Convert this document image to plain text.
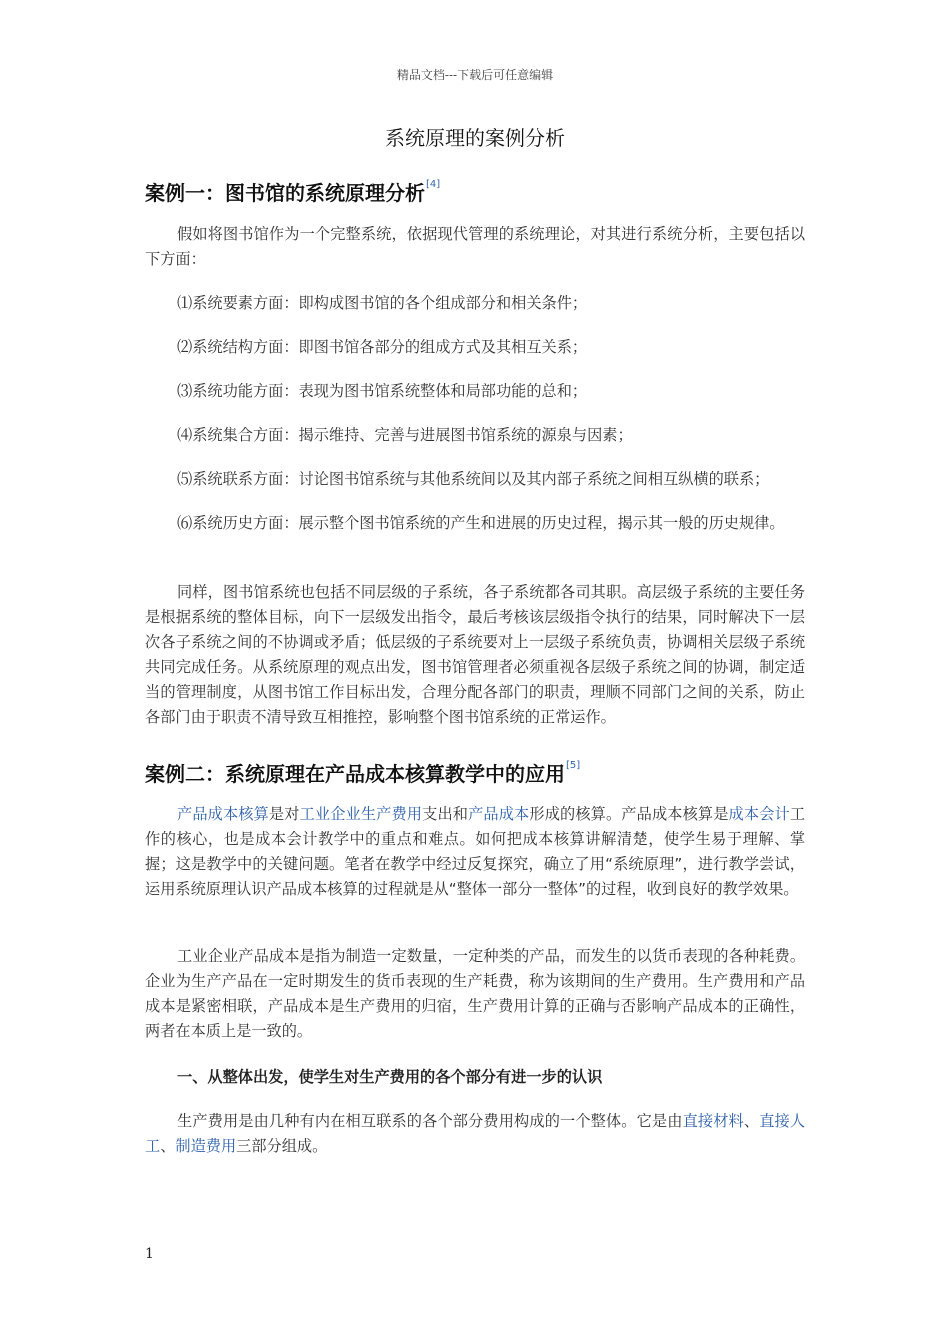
精品文档---下载后可任意编辑
系统原理的案例分析
案例一：图书馆的系统原理分析[4]

假如将图书馆作为一个完整系统，依据现代管理的系统理论，对其进行系统分析，主要包括以下方面：

⑴系统要素方面：即构成图书馆的各个组成部分和相关条件；

⑵系统结构方面：即图书馆各部分的组成方式及其相互关系；

⑶系统功能方面：表现为图书馆系统整体和局部功能的总和；

⑷系统集合方面：揭示维持、完善与进展图书馆系统的源泉与因素；

⑸系统联系方面：讨论图书馆系统与其他系统间以及其内部子系统之间相互纵横的联系；

⑹系统历史方面：展示整个图书馆系统的产生和进展的历史过程，揭示其一般的历史规律。

同样，图书馆系统也包括不同层级的子系统，各子系统都各司其职。高层级子系统的主要任务是根据系统的整体目标，向下一层级发出指令，最后考核该层级指令执行的结果，同时解决下一层次各子系统之间的不协调或矛盾；低层级的子系统要对上一层级子系统负责，协调相关层级子系统共同完成任务。从系统原理的观点出发，图书馆管理者必须重视各层级子系统之间的协调，制定适当的管理制度，从图书馆工作目标出发，合理分配各部门的职责，理顺不同部门之间的关系，防止各部门由于职责不清导致互相推控，影响整个图书馆系统的正常运作。

案例二：系统原理在产品成本核算教学中的应用[5]

产品成本核算是对工业企业生产费用支出和产品成本形成的核算。产品成本核算是成本会计工作的核心，也是成本会计教学中的重点和难点。如何把成本核算讲解清楚，使学生易于理解、掌握；这是教学中的关键问题。笔者在教学中经过反复探究，确立了用“系统原理”，进行教学尝试，运用系统原理认识产品成本核算的过程就是从“整体一部分一整体”的过程，收到良好的教学效果。

工业企业产品成本是指为制造一定数量，一定种类的产品，而发生的以货币表现的各种耗费。企业为生产产品在一定时期发生的货币表现的生产耗费，称为该期间的生产费用。生产费用和产品成本是紧密相联，产品成本是生产费用的归宿，生产费用计算的正确与否影响产品成本的正确性，两者在本质上是一致的。

一、从整体出发，使学生对生产费用的各个部分有进一步的认识

生产费用是由几种有内在相互联系的各个部分费用构成的一个整体。它是由直接材料、直接人工、制造费用三部分组成。

1
